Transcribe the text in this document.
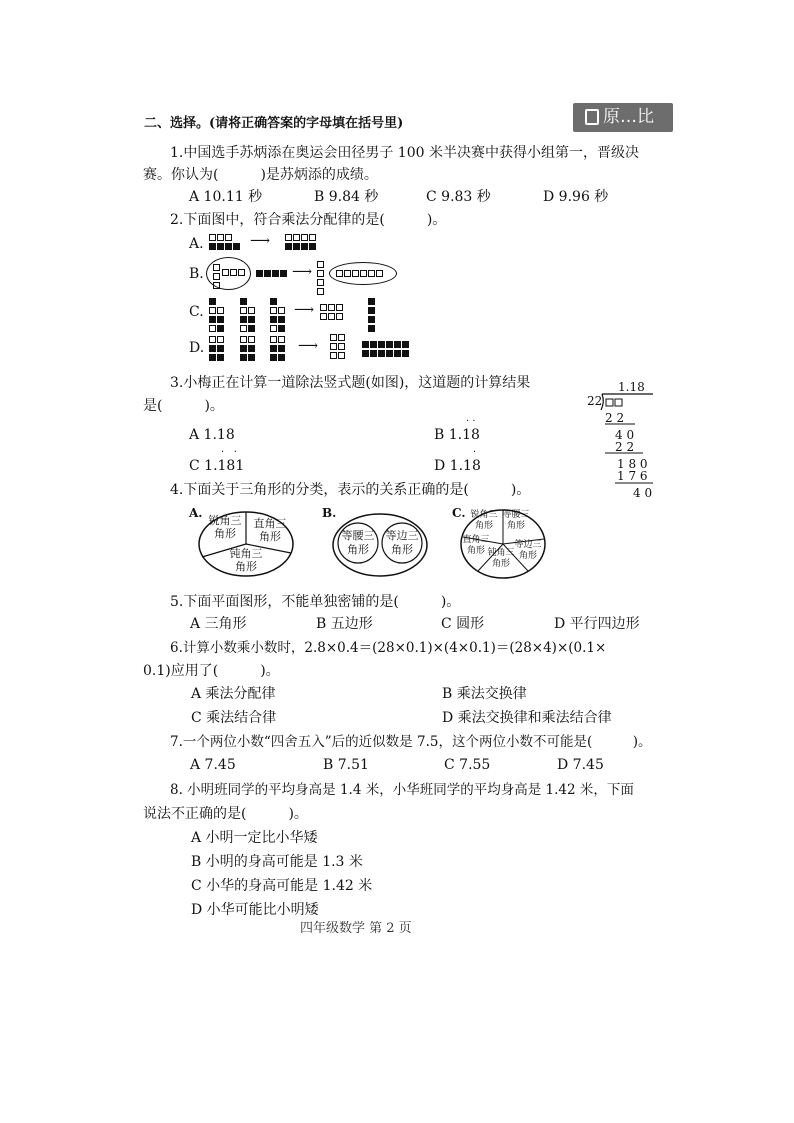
原…比
二、选择。(请将正确答案的字母填在括号里)
1.中国选手苏炳添在奥运会田径男子 100 米半决赛中获得小组第一，晋级决
赛。你认为(　　　)是苏炳添的成绩。
A 10.11 秒	B 9.84 秒	C 9.83 秒	D 9.96 秒
2.下面图中，符合乘法分配律的是(　　　)。
A.	⟶

B.	⟶

C.	⟶

D.	⟶

3.小梅正在计算一道除法竖式题(如图)，这道题的计算结果
是(　　　)。
A 1.18	B 1.18
· ·
C 1.181
·   ·
D 1.18
·
1.18
22
2 2
4 0
2 2
1 8 0
1 7 6
4 0
4.下面关于三角形的分类，表示的关系正确的是(　　　)。
A.	B.	C.
锐角三角形
直角三角形
钝角三角形
等腰三角形
等边三角形
锐角三角形
等腰三角形
直角三角形 钝角三角形
等边三角形
5.下面平面图形，不能单独密铺的是(　　　)。
A 三角形	B 五边形	C 圆形	D 平行四边形
6.计算小数乘小数时，2.8×0.4＝(28×0.1)×(4×0.1)＝(28×4)×(0.1×
0.1)应用了(　　　)。
A 乘法分配律	B 乘法交换律
C 乘法结合律	D 乘法交换律和乘法结合律
7.一个两位小数“四舍五入”后的近似数是 7.5，这个两位小数不可能是(　　　)。
A 7.45	B 7.51	C 7.55	D 7.45
8. 小明班同学的平均身高是 1.4 米，小华班同学的平均身高是 1.42 米，下面
说法不正确的是(　　　)。
A 小明一定比小华矮
B 小明的身高可能是 1.3 米
C 小华的身高可能是 1.42 米
D 小华可能比小明矮
四年级数学 第 2 页
